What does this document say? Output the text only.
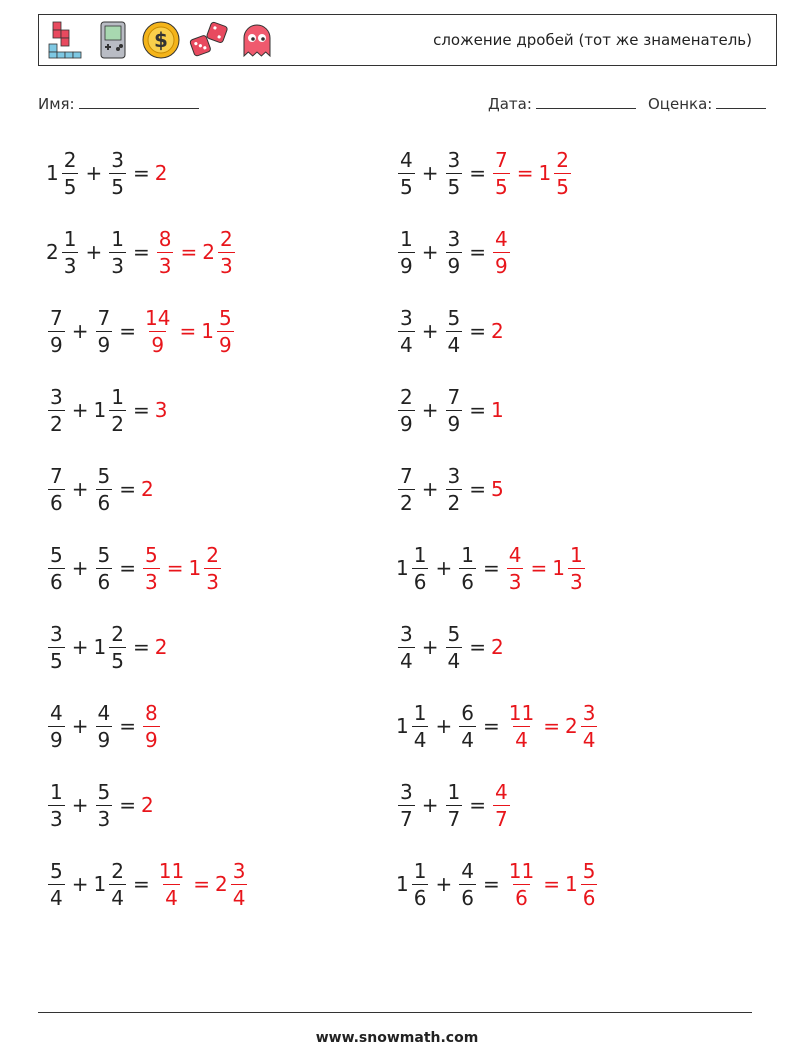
$	сложение дробей (тот же знаменатель)
Имя:	Дата:	Оценка:
$1 \frac{2}{5} + \frac{3}{5} = 2$	$\frac{4}{5} + \frac{3}{5} = \frac{7}{5} = 1 \frac{2}{5}$
$2 \frac{1}{3} + \frac{1}{3} = \frac{8}{3} = 2 \frac{2}{3}$	$\frac{1}{9} + \frac{3}{9} = \frac{4}{9}$
$\frac{7}{9} + \frac{7}{9} = \frac{14}{9} = 1 \frac{5}{9}$	$\frac{3}{4} + \frac{5}{4} = 2$
$\frac{3}{2} + 1 \frac{1}{2} = 3$	$\frac{2}{9} + \frac{7}{9} = 1$
$\frac{7}{6} + \frac{5}{6} = 2$	$\frac{7}{2} + \frac{3}{2} = 5$
$\frac{5}{6} + \frac{5}{6} = \frac{5}{3} = 1 \frac{2}{3}$	$1 \frac{1}{6} + \frac{1}{6} = \frac{4}{3} = 1 \frac{1}{3}$
$\frac{3}{5} + 1 \frac{2}{5} = 2$	$\frac{3}{4} + \frac{5}{4} = 2$
$\frac{4}{9} + \frac{4}{9} = \frac{8}{9}$	$1 \frac{1}{4} + \frac{6}{4} = \frac{11}{4} = 2 \frac{3}{4}$
$\frac{1}{3} + \frac{5}{3} = 2$	$\frac{3}{7} + \frac{1}{7} = \frac{4}{7}$
$\frac{5}{4} + 1 \frac{2}{4} = \frac{11}{4} = 2 \frac{3}{4}$	$1 \frac{1}{6} + \frac{4}{6} = \frac{11}{6} = 1 \frac{5}{6}$
www.snowmath.com
